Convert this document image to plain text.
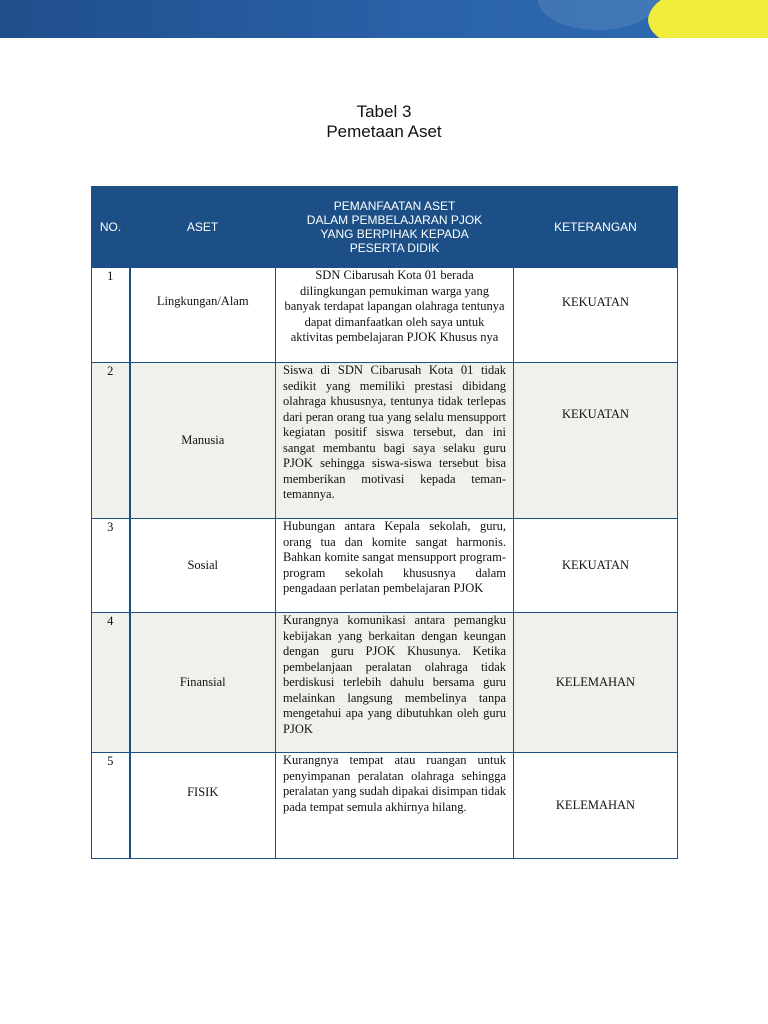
Tabel 3
Pemetaan Aset
NO.	ASET	PEMANFAATAN ASET
DALAM PEMBELAJARAN PJOK
YANG BERPIHAK KEPADA
PESERTA DIDIK	KETERANGAN

1	Lingkungan/Alam	SDN Cibarusah Kota 01 berada dilingkungan pemukiman warga yang banyak terdapat lapangan olahraga tentunya dapat dimanfaatkan oleh saya untuk aktivitas pembelajaran PJOK Khusus nya	KEKUATAN

2	Manusia	Siswa di SDN Cibarusah Kota 01 tidak sedikit yang memiliki prestasi dibidang olahraga khususnya, tentunya tidak terlepas dari peran orang tua yang selalu mensupport kegiatan positif siswa tersebut, dan ini sangat membantu bagi saya selaku guru PJOK sehingga siswa-siswa tersebut bisa memberikan motivasi kepada teman-temannya.	KEKUATAN

3	Sosial	Hubungan antara Kepala sekolah, guru, orang tua dan komite sangat harmonis. Bahkan komite sangat mensupport program-program sekolah khususnya dalam pengadaan perlatan pembelajaran PJOK	KEKUATAN

4	Finansial	Kurangnya komunikasi antara pemangku kebijakan yang berkaitan dengan keungan dengan guru PJOK Khusunya. Ketika pembelanjaan peralatan olahraga tidak berdiskusi terlebih dahulu bersama guru melainkan langsung membelinya tanpa mengetahui apa yang dibutuhkan oleh guru PJOK	KELEMAHAN

5	FISIK	Kurangnya tempat atau ruangan untuk penyimpanan peralatan olahraga sehingga peralatan yang sudah dipakai disimpan tidak pada tempat semula akhirnya hilang.	KELEMAHAN
